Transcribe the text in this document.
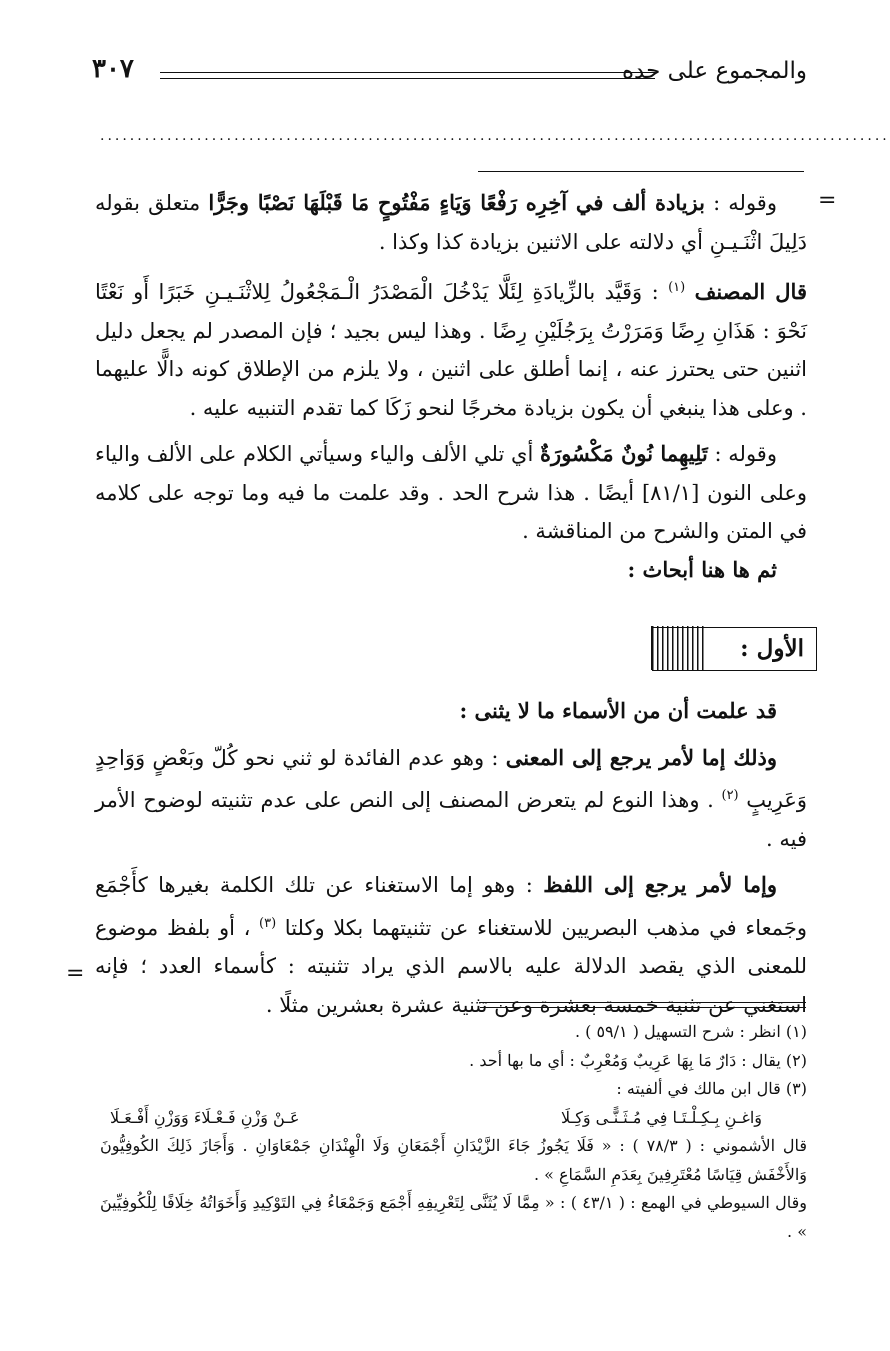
والمجموع على حده
٣٠٧
..........................................................................................................
=
=

وقوله : بزيادة ألف في آخِرِه رَفْعًا وَيَاءٍ مَفْتُوحٍ مَا قَبْلَهَا نَصْبًا وجَرًّا متعلق بقوله دَلِيلَ اثْنَـيـنِ أي دلالته على الاثنين بزيادة كذا وكذا .

قال المصنف $^{(١)}$ : وَقَيَّد بالزِّيادَةِ لِئَلَّا يَدْخُلَ الْمَصْدَرُ الْـمَجْعُولُ لِلاثْنَـيـنِ خَبَرًا أَو نَعْتًا نَحْوَ : هَذَانِ رِضًا وَمَرَرْتُ بِرَجُلَيْنِ رِضًا . وهذا ليس بجيد ؛ فإن المصدر لم يجعل دليل اثنين حتى يحترز عنه ، إنما أطلق على اثنين ، ولا يلزم من الإطلاق كونه دالًّا عليهما . وعلى هذا ينبغي أن يكون بزيادة مخرجًا لنحو زَكَا كما تقدم التنبيه عليه .

وقوله : تَلِيهِما نُونٌ مَكْسُورَةٌ أي تلي الألف والياء وسيأتي الكلام على الألف والياء وعلى النون [٨١/١] أيضًا . هذا شرح الحد . وقد علمت ما فيه وما توجه على كلامه في المتن والشرح من المناقشة .

ثم ها هنا أبحاث :

الأول :

قد علمت أن من الأسماء ما لا يثنى :

وذلك إما لأمر يرجع إلى المعنى : وهو عدم الفائدة لو ثني نحو كُلّ وبَعْضٍ وَوَاحِدٍ وَعَرِيبٍ $^{(٢)}$ . وهذا النوع لم يتعرض المصنف إلى النص على عدم تثنيته لوضوح الأمر فيه .

وإما لأمر يرجع إلى اللفظ : وهو إما الاستغناء عن تلك الكلمة بغيرها كأَجْمَع وجَمعاء في مذهب البصريين للاستغناء عن تثنيتهما بكلا وكلتا $^{(٣)}$ ، أو بلفظ موضوع للمعنى الذي يقصد الدلالة عليه بالاسم الذي يراد تثنيته : كأسماء العدد ؛ فإنه استغني عن تثنية خمسة بعشرة وعن تثنية عشرة بعشرين مثلًا .

(١) انظر : شرح التسهيل ( ٥٩/١ ) .

(٢) يقال : دَارٌ مَا بِهَا عَرِيبٌ وَمُعْرِبٌ : أي ما بها أحد .

(٣) قال ابن مالك في ألفيته :

وَاغـنِ بِـكِـلْـتَـا فِي مُـثَـنًّـى وَكِـلَا
عَـنْ وَزْنِ فَـعْـلَاءَ وَوَزْنِ أَفْـعَـلَا

قال الأشموني : ( ٧٨/٣ ) : « فَلَا يَجُوزُ جَاءَ الزَّيْدَانِ أَجْمَعَانِ وَلَا الْهِنْدَانِ جَمْعَاوَانِ . وَأَجَازَ ذَلِكَ الكُوفِيُّونَ وَالأَخْفَش قِيَاسًا مُعْتَرِفِينَ بِعَدَمِ السَّمَاعِ » .

وقال السيوطي في الهمع : ( ٤٣/١ ) : « مِمَّا لَا يُثَنَّى لِتَعْرِيفِهِ أَجْمَع وَجَمْعَاءُ فِي التَوْكِيدِ وَأَخَوَاتُهُ خِلَافًا لِلْكُوفِيِّينَ » .
